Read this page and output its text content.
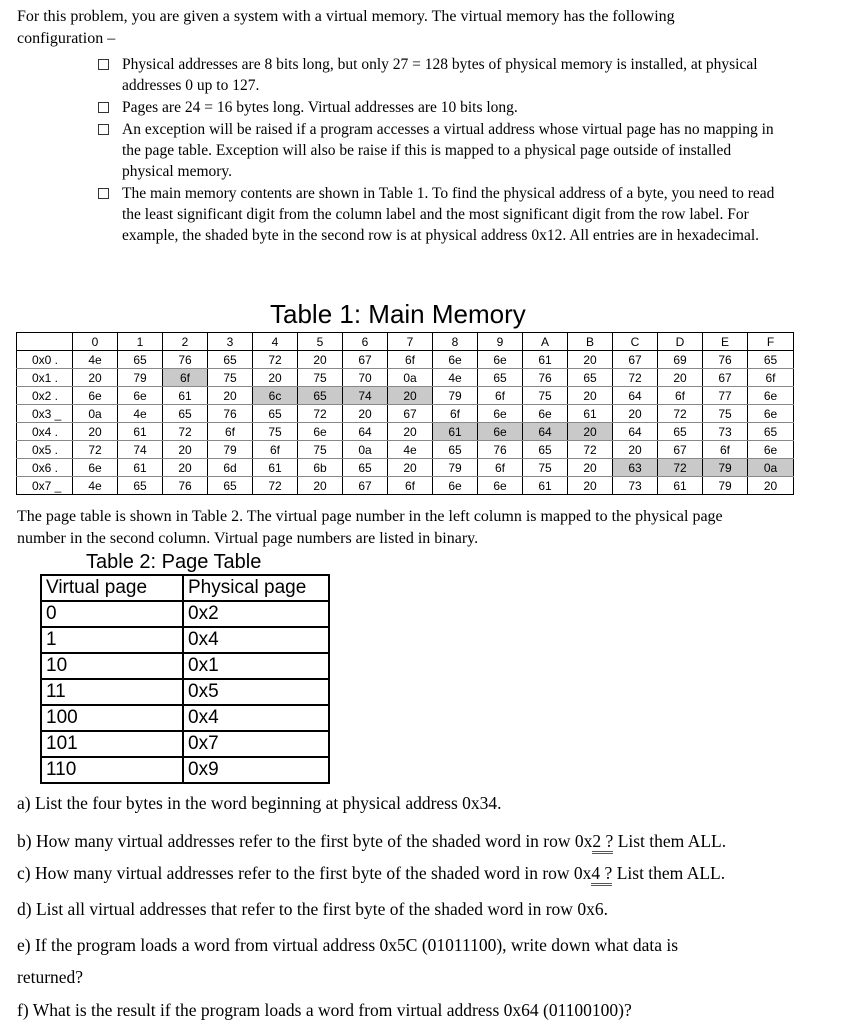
For this problem, you are given a system with a virtual memory. The virtual memory has the following
configuration –
Physical addresses are 8 bits long, but only 27 = 128 bytes of physical memory is installed, at physical addresses 0 up to 127.
Pages are 24 = 16 bytes long. Virtual addresses are 10 bits long.
An exception will be raised if a program accesses a virtual address whose virtual page has no mapping in the page table. Exception will also be raise if this is mapped to a physical page outside of installed physical memory.
The main memory contents are shown in Table 1. To find the physical address of a byte, you need to read the least significant digit from the column label and the most significant digit from the row label. For example, the shaded byte in the second row is at physical address 0x12. All entries are in hexadecimal.
Table 1: Main Memory
	0	1	2	3	4	5	6	7	8	9	A	B	C	D	E	F
0x0 .	4e	65	76	65	72	20	67	6f	6e	6e	61	20	67	69	76	65
0x1 .	20	79	6f	75	20	75	70	0a	4e	65	76	65	72	20	67	6f
0x2 .	6e	6e	61	20	6c	65	74	20	79	6f	75	20	64	6f	77	6e
0x3 _	0a	4e	65	76	65	72	20	67	6f	6e	6e	61	20	72	75	6e
0x4 .	20	61	72	6f	75	6e	64	20	61	6e	64	20	64	65	73	65
0x5 .	72	74	20	79	6f	75	0a	4e	65	76	65	72	20	67	6f	6e
0x6 .	6e	61	20	6d	61	6b	65	20	79	6f	75	20	63	72	79	0a
0x7 _	4e	65	76	65	72	20	67	6f	6e	6e	61	20	73	61	79	20
The page table is shown in Table 2. The virtual page number in the left column is mapped to the physical page
number in the second column. Virtual page numbers are listed in binary.
Table 2: Page Table
Virtual page	Physical page
0	0x2
1	0x4
10	0x1
11	0x5
100	0x4
101	0x7
110	0x9
a) List the four bytes in the word beginning at physical address 0x34.
b) How many virtual addresses refer to the first byte of the shaded word in row 0x2 ? List them ALL.
c) How many virtual addresses refer to the first byte of the shaded word in row 0x4 ? List them ALL.
d) List all virtual addresses that refer to the first byte of the shaded word in row 0x6.
e) If the program loads a word from virtual address 0x5C (01011100), write down what data is
returned?
f) What is the result if the program loads a word from virtual address 0x64 (01100100)?
